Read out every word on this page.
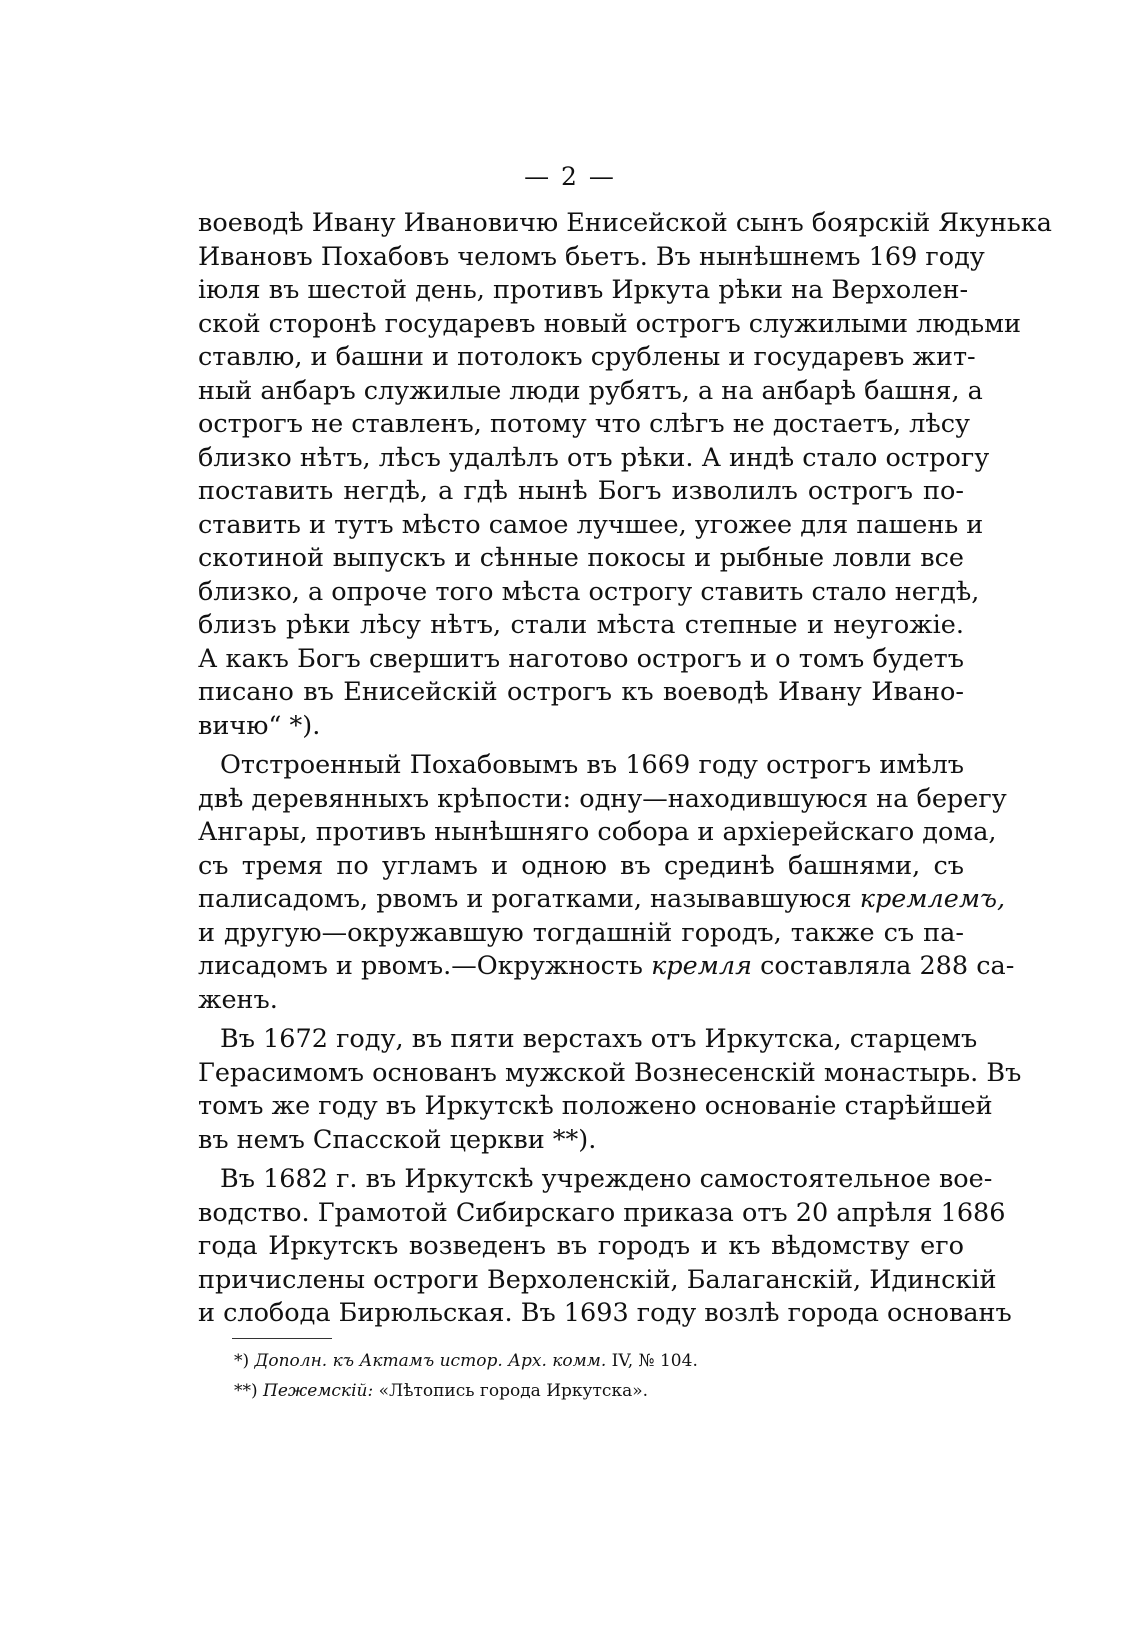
— 2 —
воеводѣ Ивану Ивановичю Енисейской сынъ боярскій Якунька
Ивановъ Похабовъ челомъ бьетъ. Въ нынѣшнемъ 169 году
іюля въ шестой день, противъ Иркута рѣки на Верхолен-
ской сторонѣ государевъ новый острогъ служилыми людьми
ставлю, и башни и потолокъ срублены и государевъ жит-
ный анбаръ служилые люди рубятъ, а на анбарѣ башня, а
острогъ не ставленъ, потому что слѣгъ не достаетъ, лѣсу
близко нѣтъ, лѣсъ удалѣлъ отъ рѣки. А индѣ стало острогу
поставить негдѣ, а гдѣ нынѣ Богъ изволилъ острогъ по-
ставить и тутъ мѣсто самое лучшее, угожее для пашень и
скотиной выпускъ и сѣнные покосы и рыбные ловли все
близко, а опроче того мѣста острогу ставить стало негдѣ,
близъ рѣки лѣсу нѣтъ, стали мѣста степные и неугожіе.
А какъ Богъ свершитъ наготово острогъ и о томъ будетъ
писано въ Енисейскій острогъ къ воеводѣ Ивану Ивано-
вичю“ *).
Отстроенный Похабовымъ въ 1669 году острогъ имѣлъ
двѣ деревянныхъ крѣпости: одну—находившуюся на берегу
Ангары, противъ нынѣшняго собора и архіерейскаго дома,
съ тремя по угламъ и одною въ срединѣ башнями, съ
палисадомъ, рвомъ и рогатками, называвшуюся кремлемъ,
и другую—окружавшую тогдашній городъ, также съ па-
лисадомъ и рвомъ.—Окружность кремля составляла 288 са-
женъ.
Въ 1672 году, въ пяти верстахъ отъ Иркутска, старцемъ
Герасимомъ основанъ мужской Вознесенскій монастырь. Въ
томъ же году въ Иркутскѣ положено основаніе старѣйшей
въ немъ Спасской церкви **).
Въ 1682 г. въ Иркутскѣ учреждено самостоятельное вое-
водство. Грамотой Сибирскаго приказа отъ 20 апрѣля 1686
года Иркутскъ возведенъ въ городъ и къ вѣдомству его
причислены остроги Верхоленскій, Балаганскій, Идинскій
и слобода Бирюльская. Въ 1693 году возлѣ города основанъ
*) Дополн. къ Актамъ истор. Арх. комм. IV, № 104.
**) Пежемскій: «Лѣтопись города Иркутска».
